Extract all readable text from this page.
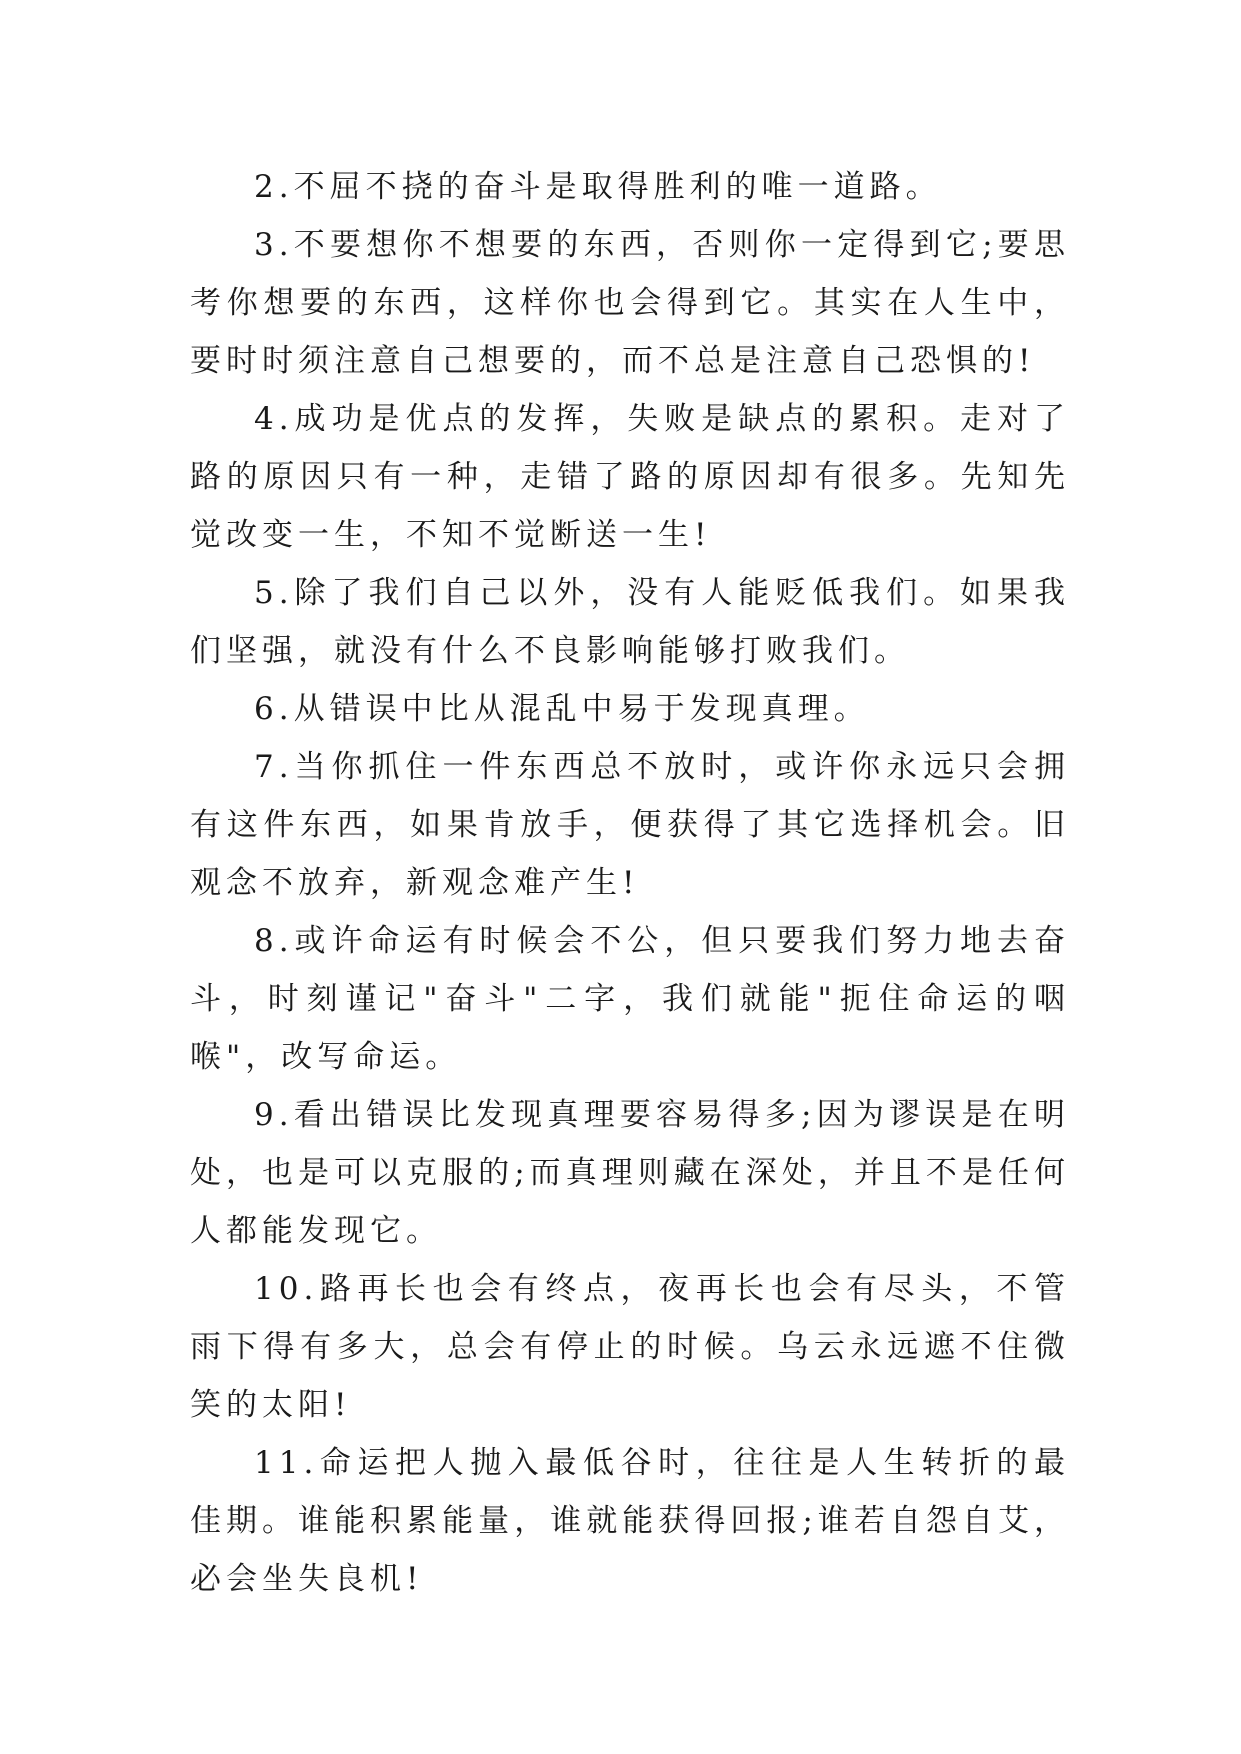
2.不屈不挠的奋斗是取得胜利的唯一道路。

3.不要想你不想要的东西，否则你一定得到它;要思考你想要的东西，这样你也会得到它。其实在人生中，要时时须注意自己想要的，而不总是注意自己恐惧的!

4.成功是优点的发挥，失败是缺点的累积。走对了路的原因只有一种，走错了路的原因却有很多。先知先觉改变一生，不知不觉断送一生!

5.除了我们自己以外，没有人能贬低我们。如果我们坚强，就没有什么不良影响能够打败我们。

6.从错误中比从混乱中易于发现真理。

7.当你抓住一件东西总不放时，或许你永远只会拥有这件东西，如果肯放手，便获得了其它选择机会。旧观念不放弃，新观念难产生!

8.或许命运有时候会不公，但只要我们努力地去奋斗，时刻谨记"奋斗"二字，我们就能"扼住命运的咽喉"，改写命运。

9.看出错误比发现真理要容易得多;因为谬误是在明处，也是可以克服的;而真理则藏在深处，并且不是任何人都能发现它。

10.路再长也会有终点，夜再长也会有尽头，不管雨下得有多大，总会有停止的时候。乌云永远遮不住微笑的太阳!

11.命运把人抛入最低谷时，往往是人生转折的最佳期。谁能积累能量，谁就能获得回报;谁若自怨自艾，必会坐失良机!
